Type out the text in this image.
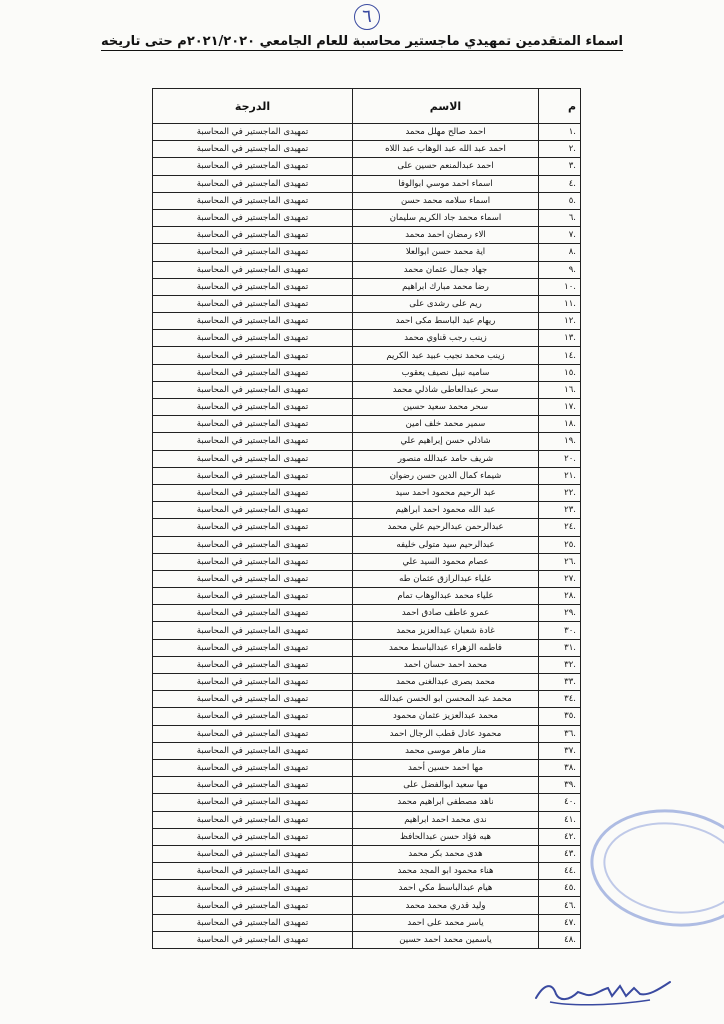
٦
اسماء المتقدمين تمهيدي ماجستير محاسبة للعام الجامعي ٢٠٢١/٢٠٢٠م حتى تاريخه
م	الاسم	الدرجة
.١	احمد صالح مهلل محمد	تمهيدى الماجستير في المحاسبة
.٢	احمد عبد الله عبد الوهاب عبد اللاه	تمهيدى الماجستير في المحاسبة
.٣	احمد عبدالمنعم حسين على	تمهيدى الماجستير في المحاسبة
.٤	اسماء احمد موسي ابوالوفا	تمهيدى الماجستير في المحاسبة
.٥	اسماء سلامه محمد حسن	تمهيدى الماجستير في المحاسبة
.٦	اسماء محمد جاد الكريم سليمان	تمهيدى الماجستير في المحاسبة
.٧	الاء رمضان احمد محمد	تمهيدى الماجستير في المحاسبة
.٨	اية محمد حسن ابوالعلا	تمهيدى الماجستير في المحاسبة
.٩	جهاد جمال عثمان محمد	تمهيدى الماجستير في المحاسبة
.١٠	رضا محمد مبارك ابراهيم	تمهيدى الماجستير في المحاسبة
.١١	ريم على رشدى على	تمهيدى الماجستير في المحاسبة
.١٢	ريهام عبد الباسط مكى احمد	تمهيدى الماجستير في المحاسبة
.١٣	زينب رجب قناوي محمد	تمهيدى الماجستير في المحاسبة
.١٤	زينب محمد نجيب عبيد عبد الكريم	تمهيدى الماجستير في المحاسبة
.١٥	ساميه نبيل نصيف يعقوب	تمهيدى الماجستير في المحاسبة
.١٦	سحر عبدالعاطى شاذلي محمد	تمهيدى الماجستير في المحاسبة
.١٧	سحر محمد سعيد حسين	تمهيدى الماجستير في المحاسبة
.١٨	سمير محمد خلف امين	تمهيدى الماجستير في المحاسبة
.١٩	شاذلي حسن إبراهيم علي	تمهيدى الماجستير في المحاسبة
.٢٠	شريف حامد عبدالله منصور	تمهيدى الماجستير في المحاسبة
.٢١	شيماء كمال الدين حسن رضوان	تمهيدى الماجستير في المحاسبة
.٢٢	عبد الرحيم محمود احمد سيد	تمهيدى الماجستير في المحاسبة
.٢٣	عبد الله محمود احمد ابراهيم	تمهيدى الماجستير في المحاسبة
.٢٤	عبدالرحمن عبدالرحيم علي محمد	تمهيدى الماجستير في المحاسبة
.٢٥	عبدالرحيم سيد متولى خليفه	تمهيدى الماجستير في المحاسبة
.٢٦	عصام محمود السيد علي	تمهيدى الماجستير في المحاسبة
.٢٧	علياء عبدالرازق عثمان طه	تمهيدى الماجستير في المحاسبة
.٢٨	علياء محمد عبدالوهاب تمام	تمهيدى الماجستير في المحاسبة
.٢٩	عمرو عاطف صادق احمد	تمهيدى الماجستير في المحاسبة
.٣٠	غادة شعبان عبدالعزيز محمد	تمهيدى الماجستير في المحاسبة
.٣١	فاطمه الزهراء عبدالباسط محمد	تمهيدى الماجستير في المحاسبة
.٣٢	محمد احمد حسان احمد	تمهيدى الماجستير في المحاسبة
.٣٣	محمد بصرى عبدالغنى محمد	تمهيدى الماجستير في المحاسبة
.٣٤	محمد عبد المحسن ابو الحسن عبدالله	تمهيدى الماجستير في المحاسبة
.٣٥	محمد عبدالعزيز عثمان محمود	تمهيدى الماجستير في المحاسبة
.٣٦	محمود عادل قطب الرجال احمد	تمهيدى الماجستير في المحاسبة
.٣٧	منار ماهر موسى محمد	تمهيدى الماجستير في المحاسبة
.٣٨	مها احمد حسين أحمد	تمهيدى الماجستير في المحاسبة
.٣٩	مها سعيد ابوالفضل على	تمهيدى الماجستير في المحاسبة
.٤٠	ناهد مصطفى ابراهيم محمد	تمهيدى الماجستير في المحاسبة
.٤١	ندى محمد احمد ابراهيم	تمهيدى الماجستير في المحاسبة
.٤٢	هبه فؤاد حسن عبدالحافظ	تمهيدى الماجستير في المحاسبة
.٤٣	هدى محمد بكر محمد	تمهيدى الماجستير في المحاسبة
.٤٤	هناء محمود ابو المجد محمد	تمهيدى الماجستير في المحاسبة
.٤٥	هيام عبدالباسط مكي احمد	تمهيدى الماجستير في المحاسبة
.٤٦	وليد قدري محمد محمد	تمهيدى الماجستير في المحاسبة
.٤٧	ياسر محمد على احمد	تمهيدى الماجستير في المحاسبة
.٤٨	ياسمين محمد احمد حسين	تمهيدى الماجستير في المحاسبة
